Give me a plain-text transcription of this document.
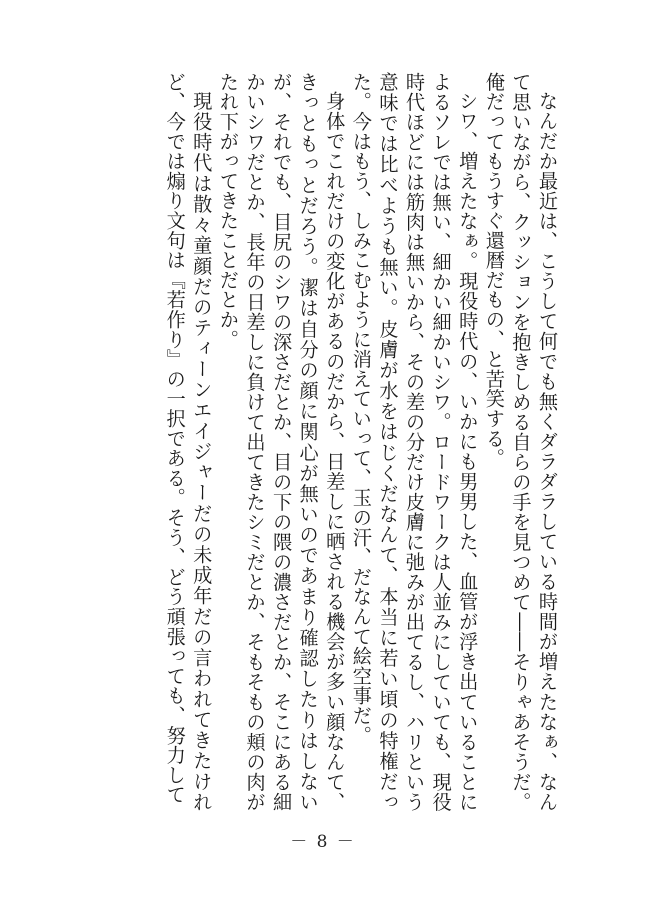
なんだか最近は、こうして何でも無くダラダラしている時間が増えたなぁ、なんて思いながら、クッションを抱きしめる自らの手を見つめて――そりゃあそうだ。俺だってもうすぐ還暦だもの、と苦笑する。

シワ、増えたなぁ。現役時代の、いかにも男男した、血管が浮き出ていることによるソレでは無い、細かい細かいシワ。ロードワークは人並みにしていても、現役時代ほどには筋肉は無いから、その差の分だけ皮膚に弛みが出てるし、ハリという意味では比べようも無い。皮膚が水をはじくだなんて、本当に若い頃の特権だった。今はもう、しみこむように消えていって、玉の汗、だなんて絵空事だ。

身体でこれだけの変化があるのだから、日差しに晒される機会が多い顔なんて、きっともっとだろう。潔は自分の顔に関心が無いのであまり確認したりはしないが、それでも、目尻のシワの深さだとか、目の下の隈の濃さだとか、そこにある細かいシワだとか、長年の日差しに負けて出てきたシミだとか、そもそもの頬の肉がたれ下がってきたことだとか。

現役時代は散々童顔だのティーンエイジャーだの未成年だの言われてきたけれど、今では煽り文句は『若作り』の一択である。そう、どう頑張っても、努力して

－ 8 －
